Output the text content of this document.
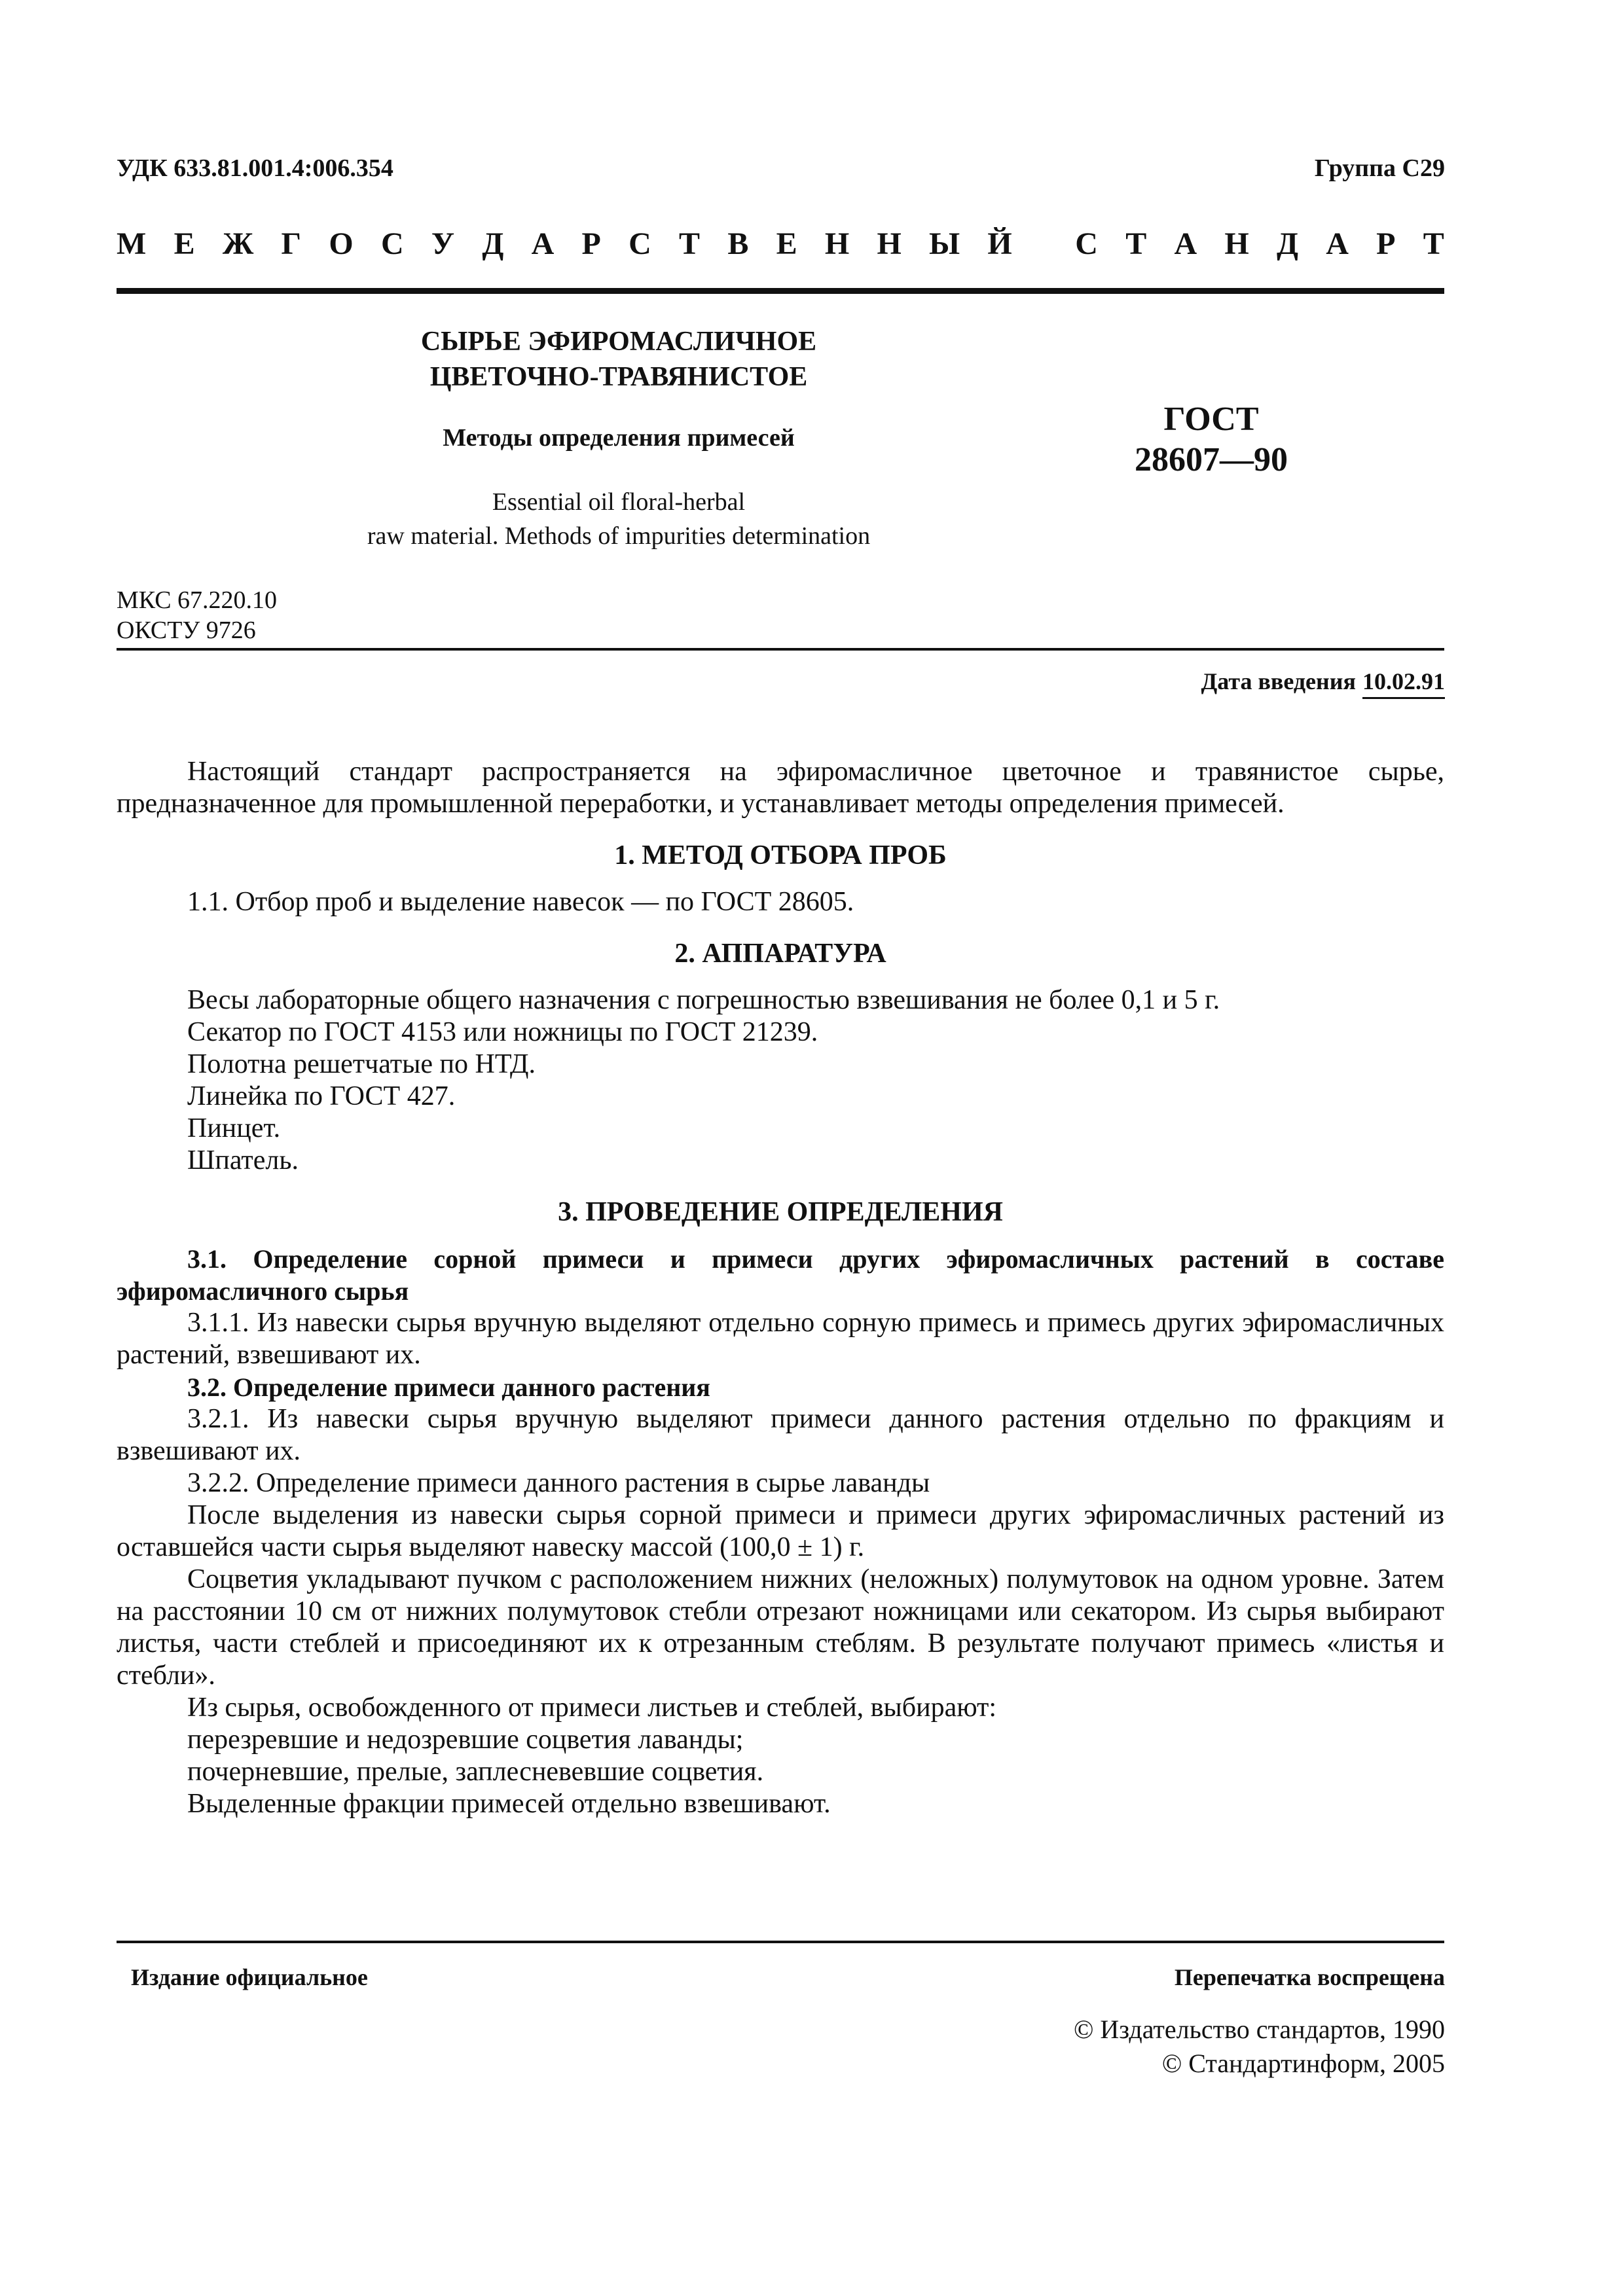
УДК 633.81.001.4:006.354	Группа С29
М Е Ж Г О С У Д А Р С Т В Е Н Н Ы Й
С Т А Н Д А Р Т
СЫРЬЕ ЭФИРОМАСЛИЧНОЕ
ЦВЕТОЧНО-ТРАВЯНИСТОЕ
Методы определения примесей
Essential oil floral-herbal
raw material. Methods of impurities determination
ГОСТ
28607—90
МКС 67.220.10
ОКСТУ 9726
Дата введения 10.02.91

Настоящий стандарт распространяется на эфиромасличное цветочное и травянистое сырье, предназначенное для промышленной переработки, и устанавливает методы определения примесей.

1. МЕТОД ОТБОРА ПРОБ

1.1. Отбор проб и выделение навесок — по ГОСТ 28605.

2. АППАРАТУРА

Весы лабораторные общего назначения с погрешностью взвешивания не более 0,1 и 5 г.

Секатор по ГОСТ 4153 или ножницы по ГОСТ 21239.

Полотна решетчатые по НТД.

Линейка по ГОСТ 427.

Пинцет.

Шпатель.

3. ПРОВЕДЕНИЕ ОПРЕДЕЛЕНИЯ

3.1. Определение сорной примеси и примеси других эфиромасличных растений в составе эфиромасличного сырья

3.1.1. Из навески сырья вручную выделяют отдельно сорную примесь и примесь других эфиромасличных растений, взвешивают их.

3.2. Определение примеси данного растения

3.2.1. Из навески сырья вручную выделяют примеси данного растения отдельно по фракциям и взвешивают их.

3.2.2. Определение примеси данного растения в сырье лаванды

После выделения из навески сырья сорной примеси и примеси других эфиромасличных растений из оставшейся части сырья выделяют навеску массой (100,0 ± 1) г.

Соцветия укладывают пучком с расположением нижних (неложных) полумутовок на одном уровне. Затем на расстоянии 10 см от нижних полумутовок стебли отрезают ножницами или секатором. Из сырья выбирают листья, части стеблей и присоединяют их к отрезанным стеблям. В результате получают примесь «листья и стебли».

Из сырья, освобожденного от примеси листьев и стеблей, выбирают:

перезревшие и недозревшие соцветия лаванды;

почерневшие, прелые, заплесневевшие соцветия.

Выделенные фракции примесей отдельно взвешивают.

Издание официальное	Перепечатка воспрещена
© Издательство стандартов, 1990
© Стандартинформ, 2005
